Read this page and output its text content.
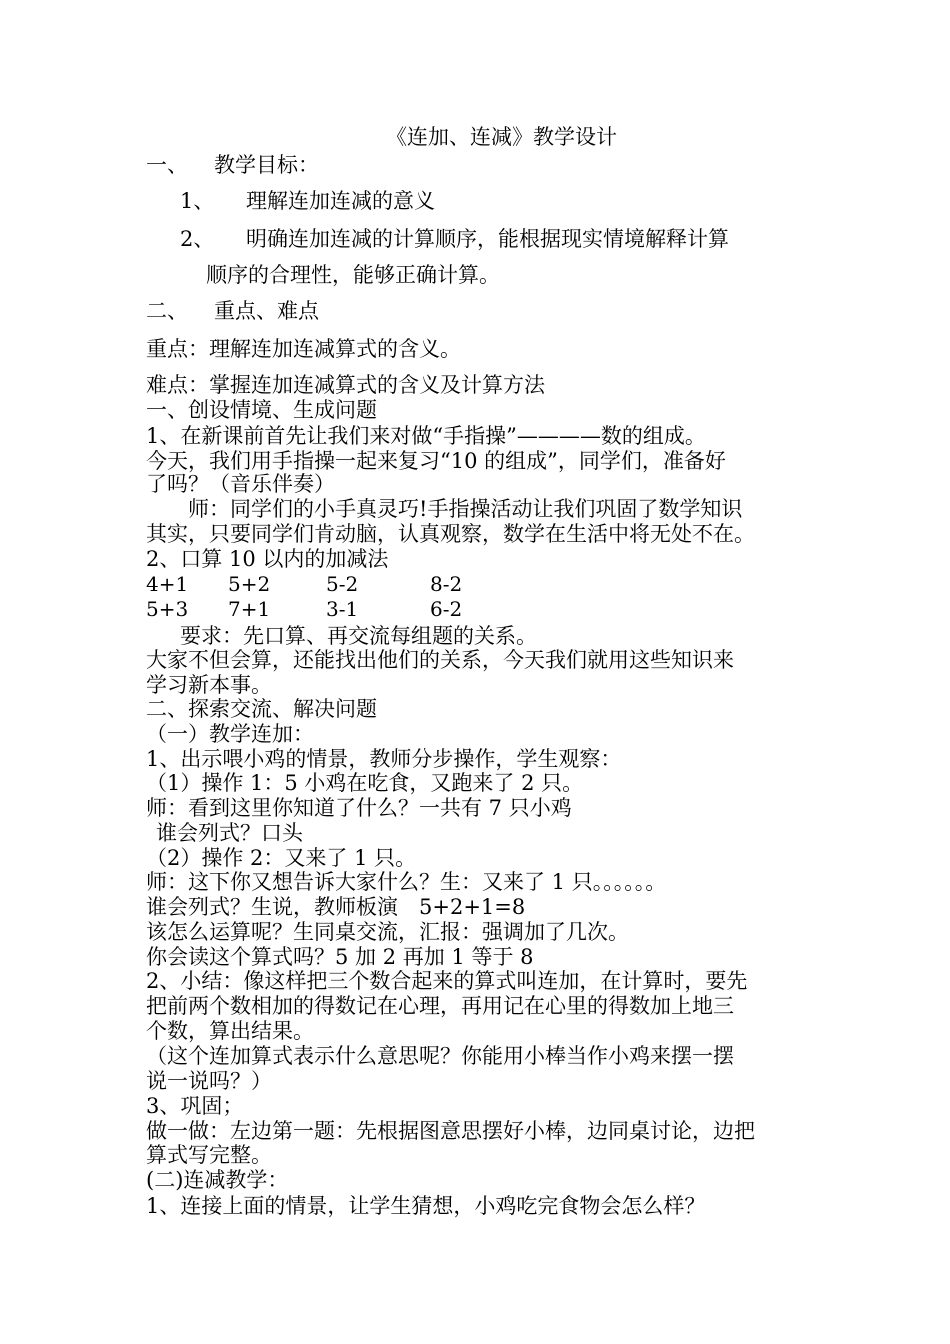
《连加、连减》教学设计

一、 教学目标：

1、 理解连加连减的意义

2、 明确连加连减的计算顺序，能根据现实情境解释计算

顺序的合理性，能够正确计算。

二、 重点、难点

重点：理解连加连减算式的含义。

难点：掌握连加连减算式的含义及计算方法

一、创设情境、生成问题

1、在新课前首先让我们来对做“手指操”————数的组成。

今天，我们用手指操一起来复习“10 的组成”，同学们，准备好

了吗？（音乐伴奏）

师：同学们的小手真灵巧!手指操活动让我们巩固了数学知识

其实，只要同学们肯动脑，认真观察，数学在生活中将无处不在。

2、口算 10 以内的加减法

4+1 5+2	5-2	8-2
5+3 7+1	3-1	6-2

要求：先口算、再交流每组题的关系。

大家不但会算，还能找出他们的关系，今天我们就用这些知识来

学习新本事。

二、探索交流、解决问题

（一）教学连加：

1、出示喂小鸡的情景，教师分步操作，学生观察：

（1）操作 1：5 小鸡在吃食，又跑来了 2 只。

师：看到这里你知道了什么？一共有 7 只小鸡

谁会列式？口头

（2）操作 2：又来了 1 只。

师：这下你又想告诉大家什么？生：又来了 1 只。。。。。。

谁会列式？生说，教师板演　5+2+1=8

该怎么运算呢？生同桌交流，汇报：强调加了几次。

你会读这个算式吗？5 加 2 再加 1 等于 8

2、小结：像这样把三个数合起来的算式叫连加，在计算时，要先

把前两个数相加的得数记在心理，再用记在心里的得数加上地三

个数，算出结果。

（这个连加算式表示什么意思呢？你能用小棒当作小鸡来摆一摆

说一说吗？）

3、巩固；

做一做：左边第一题：先根据图意思摆好小棒，边同桌讨论，边把

算式写完整。

(二)连减教学：

1、连接上面的情景，让学生猜想，小鸡吃完食物会怎么样？
